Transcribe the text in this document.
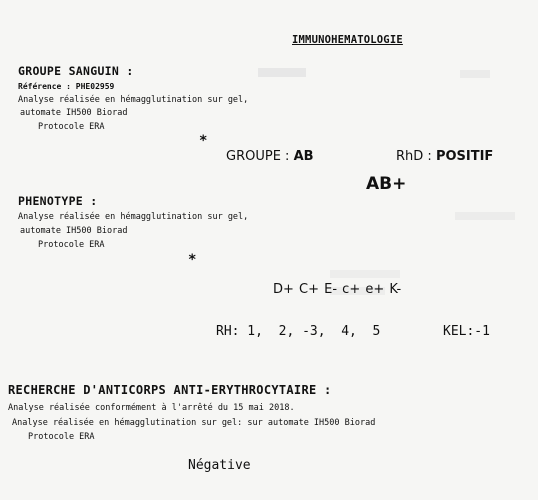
IMMUNOHEMATOLOGIE
GROUPE SANGUIN :
Référence : PHE02959
Analyse réalisée en hémagglutination sur gel,
automate IH500 Biorad
Protocole ERA
*
GROUPE : AB	RhD : POSITIF
AB+
PHENOTYPE :
Analyse réalisée en hémagglutination sur gel,
automate IH500 Biorad
Protocole ERA
*
D+ C+ E- c+ e+ K-
RH: 1,  2, -3,  4,  5	KEL:-1
RECHERCHE D'ANTICORPS ANTI-ERYTHROCYTAIRE :
Analyse réalisée conformément à l'arrêté du 15 mai 2018.
Analyse réalisée en hémagglutination sur gel: sur automate IH500 Biorad
Protocole ERA
Négative
